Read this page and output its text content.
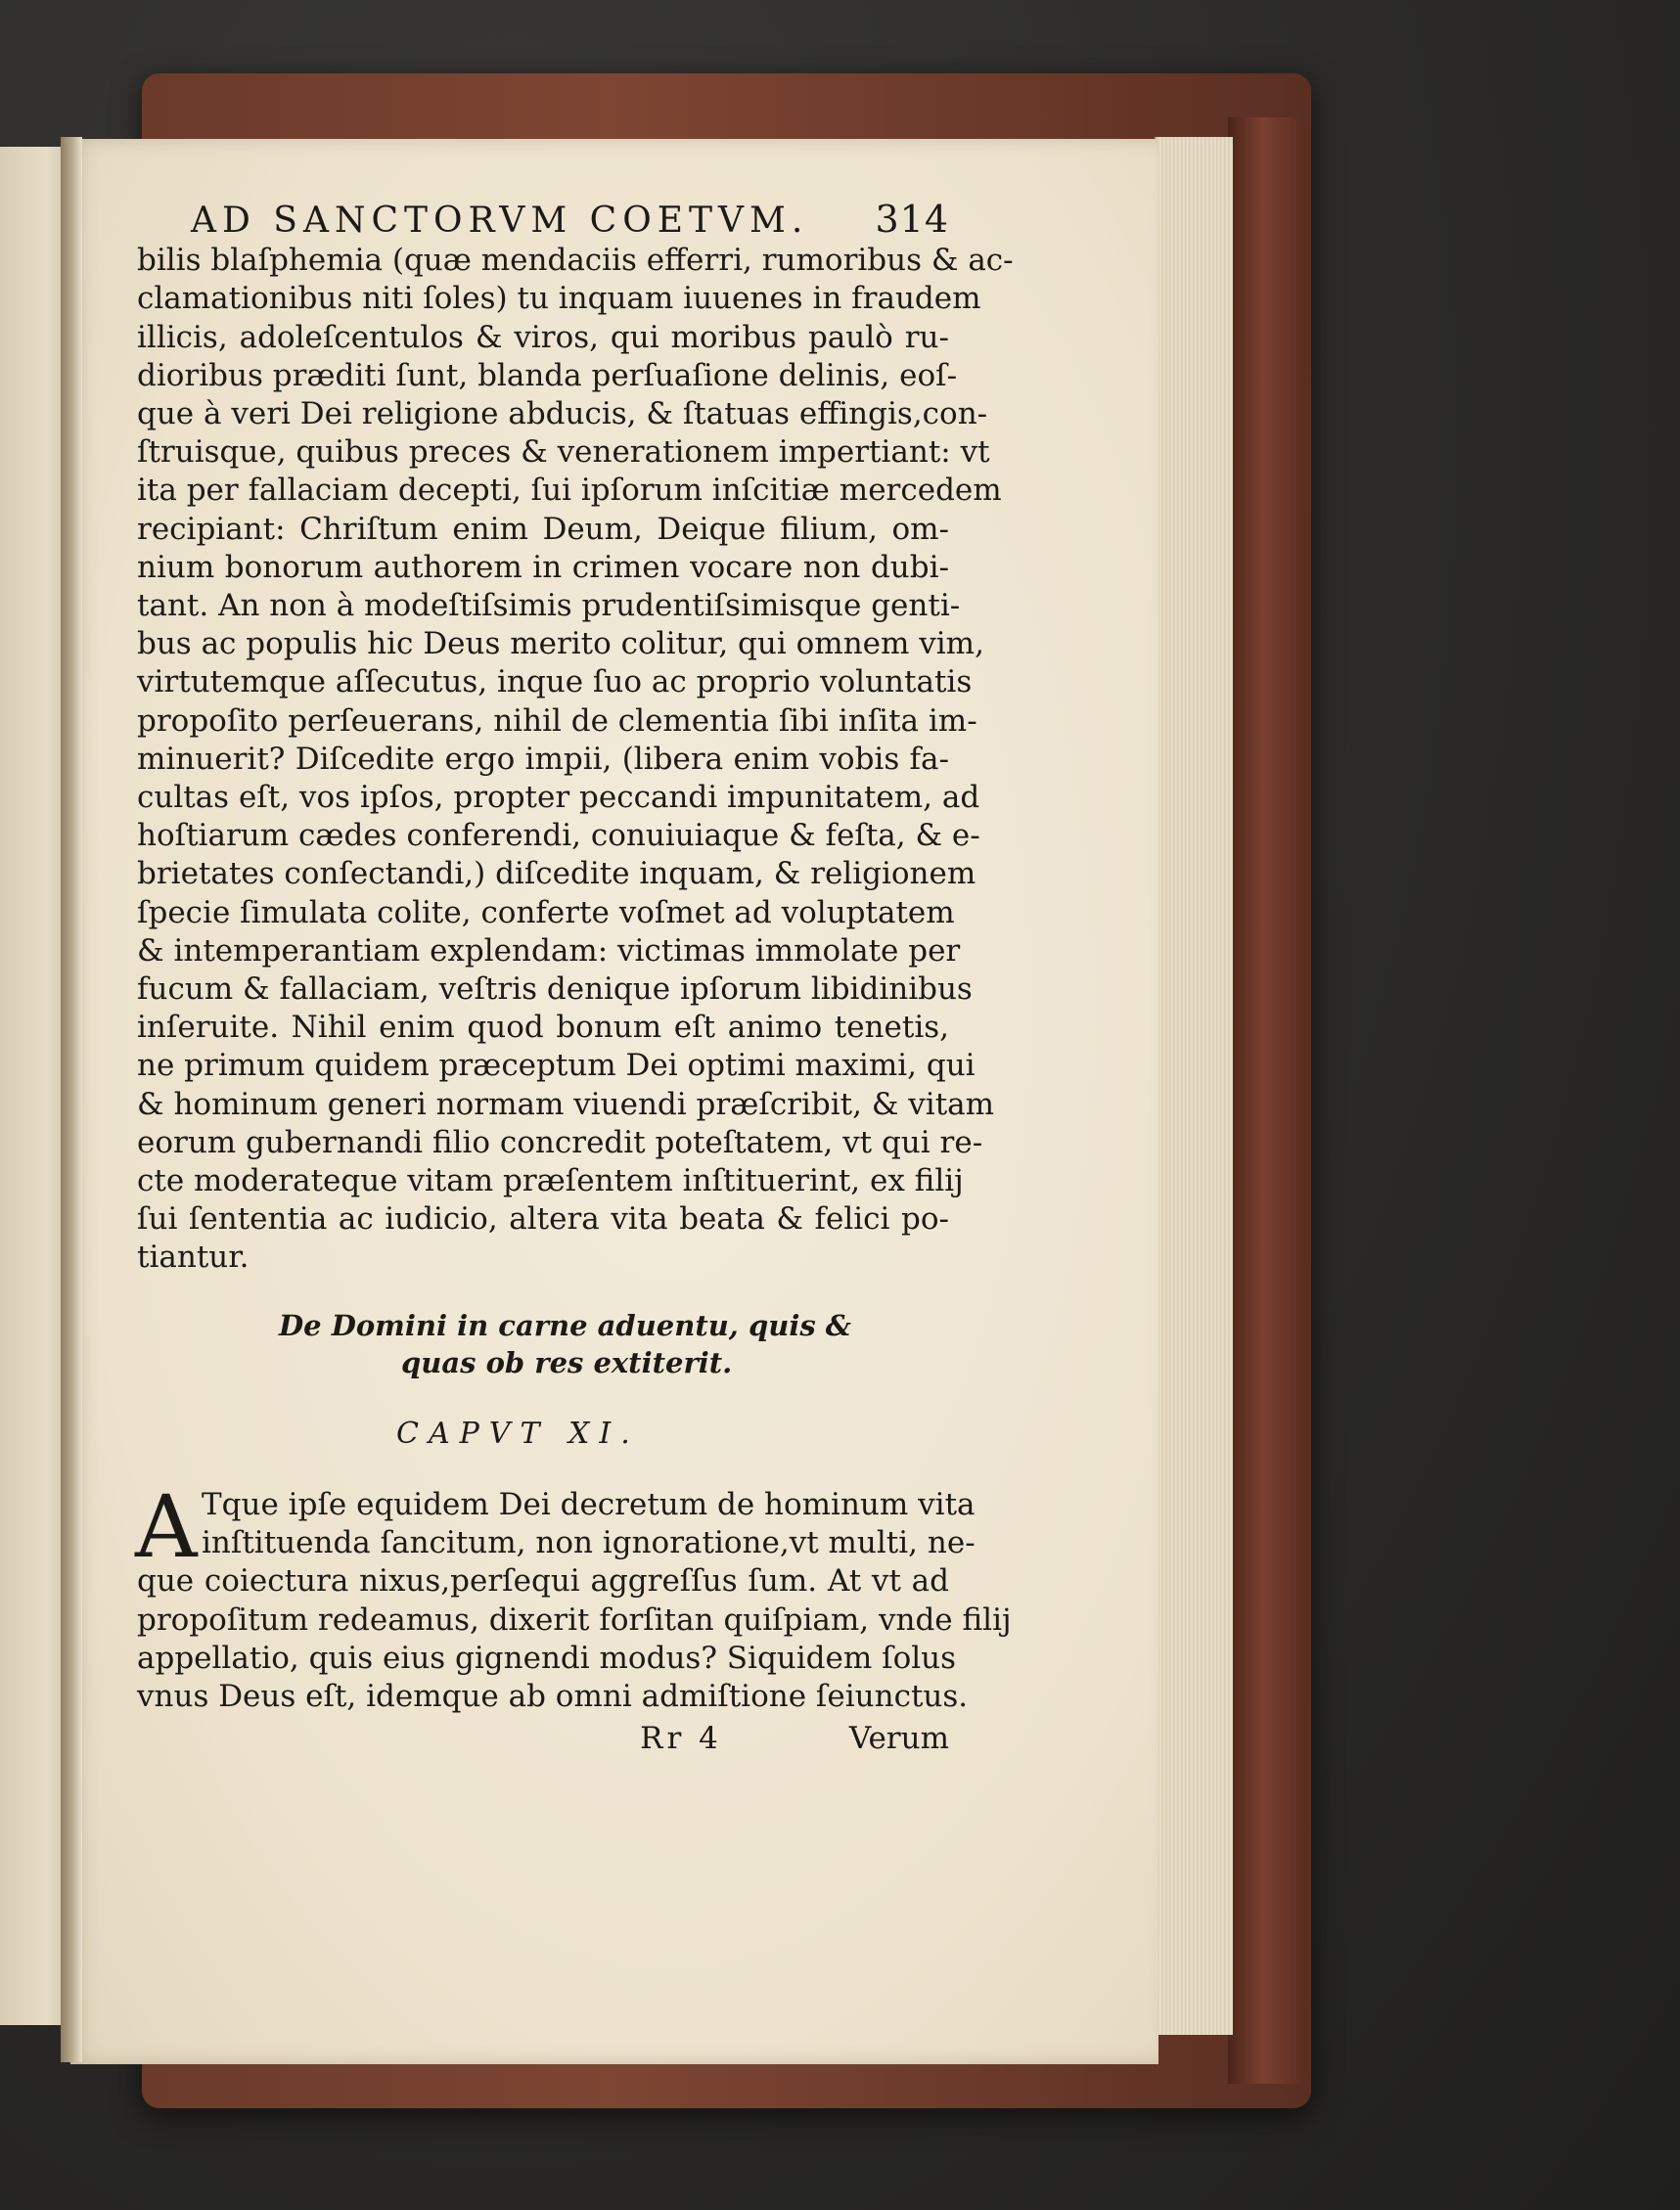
AD SANCTORVM COETVM. 314
bilis blaſphemia (quæ mendaciis efferri, rumoribus & ac-
clamationibus niti ſoles) tu inquam iuuenes in fraudem
illicis, adoleſcentulos & viros, qui moribus paulò ru-
dioribus præditi ſunt, blanda perſuaſione delinis, eoſ-
que à veri Dei religione abducis, & ſtatuas effingis,con-
ſtruisque, quibus preces & venerationem impertiant: vt
ita per fallaciam decepti, ſui ipſorum inſcitiæ mercedem
recipiant: Chriſtum enim Deum, Deique filium, om-
nium bonorum authorem in crimen vocare non dubi-
tant. An non à modeſtiſsimis prudentiſsimisque genti-
bus ac populis hic Deus merito colitur, qui omnem vim,
virtutemque aſſecutus, inque ſuo ac proprio voluntatis
propoſito perſeuerans, nihil de clementia ſibi inſita im-
minuerit? Diſcedite ergo impii, (libera enim vobis fa-
cultas eſt, vos ipſos, propter peccandi impunitatem, ad
hoſtiarum cædes conferendi, conuiuiaque & feſta, & e-
brietates conſectandi,) diſcedite inquam, & religionem
ſpecie ſimulata colite, conferte voſmet ad voluptatem
& intemperantiam explendam: victimas immolate per
fucum & fallaciam, veſtris denique ipſorum libidinibus
inſeruite. Nihil enim quod bonum eſt animo tenetis,
ne primum quidem præceptum Dei optimi maximi, qui
& hominum generi normam viuendi præſcribit, & vitam
eorum gubernandi filio concredit poteſtatem, vt qui re-
cte moderateque vitam præſentem inſtituerint, ex filij
ſui ſententia ac iudicio, altera vita beata & felici po-
tiantur.
De Domini in carne aduentu, quis &
quas ob res extiterit.
CAPVT XI.
A Tque ipſe equidem Dei decretum de hominum vita
inſtituenda ſancitum, non ignoratione,vt multi, ne-
que coiectura nixus,perſequi aggreſſus ſum. At vt ad
propoſitum redeamus, dixerit forſitan quiſpiam, vnde filij
appellatio, quis eius gignendi modus? Siquidem ſolus
vnus Deus eſt, idemque ab omni admiſtione ſeiunctus.
Rr 4	Verum
